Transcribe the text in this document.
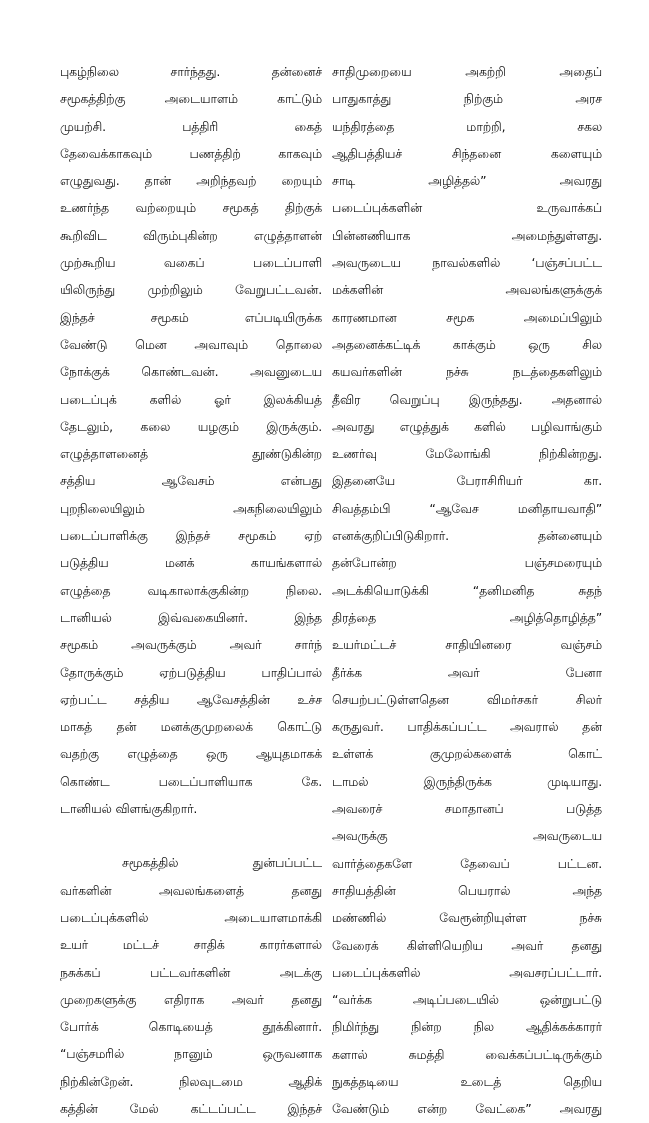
புகழ்நிலை சார்ந்தது. தன்னைச்
சமூகத்திற்கு அடையாளம் காட்டும்
முயற்சி. பத்திரி கைத்
தேவைக்காகவும் பணத்திற் காகவும்
எழுதுவது. தான் அறிந்தவற் றையும்
உணர்ந்த வற்றையும் சமூகத் திற்குக்
கூறிவிட விரும்புகின்ற எழுத்தாளன்
முற்கூறிய வகைப் படைப்பாளி
யிலிருந்து முற்றிலும் வேறுபட்டவன்.
இந்தச் சமூகம் எப்படியிருக்க
வேண்டு மென அவாவும் தொலை
நோக்குக் கொண்டவன். அவனுடைய
படைப்புக் களில் ஓர் இலக்கியத்
தேடலும், கலை யழகும் இருக்கும்.
எழுத்தாளனைத் தூண்டுகின்ற
சத்திய ஆவேசம் என்பது
புறநிலையிலும் அகநிலையிலும்
படைப்பாளிக்கு இந்தச் சமூகம் ஏற்
படுத்திய மனக் காயங்களால்
எழுத்தை வடிகாலாக்குகின்ற நிலை.
டானியல் இவ்வகையினர். இந்த
சமூகம் அவருக்கும் அவர் சார்ந்
தோருக்கும் ஏற்படுத்திய பாதிப்பால்
ஏற்பட்ட சத்திய ஆவேசத்தின் உச்ச
மாகத் தன் மனக்குமுறலைக் கொட்டு
வதற்கு எழுத்தை ஒரு ஆயுதமாகக்
கொண்ட படைப்பாளியாக கே.
டானியல் விளங்குகிறார்.
சமூகத்தில் துன்பப்பட்ட
வர்களின் அவலங்களைத் தனது
படைப்புக்களில் அடையாளமாக்கி
உயர் மட்டச் சாதிக் காரர்களால்
நசுக்கப் பட்டவர்களின் அடக்கு
முறைகளுக்கு எதிராக அவர் தனது
போர்க் கொடியைத் தூக்கினார்.
“பஞ்சமரில் நானும் ஒருவனாக
நிற்கின்றேன். நிலவுடமை ஆதிக்
கத்தின் மேல் கட்டப்பட்ட இந்தச்
சாதிமுறையை அகற்றி அதைப்
பாதுகாத்து நிற்கும் அரச
யந்திரத்தை மாற்றி, சகல
ஆதிபத்தியச் சிந்தனை களையும்
சாடி அழித்தல்” அவரது
படைப்புக்களின் உருவாக்கப்
பின்னணியாக அமைந்துள்ளது.
அவருடைய நாவல்களில் ‘பஞ்சப்பட்ட
மக்களின் அவலங்களுக்குக்
காரணமான சமூக அமைப்பிலும்
அதனைக்கட்டிக் காக்கும் ஒரு சில
கயவர்களின் நச்சு நடத்தைகளிலும்
தீவிர வெறுப்பு இருந்தது. அதனால்
அவரது எழுத்துக் களில் பழிவாங்கும்
உணர்வு மேலோங்கி நிற்கின்றது.
இதனையே பேராசிரியர் கா.
சிவத்தம்பி “ஆவேச மனிதாயவாதி”
எனக்குறிப்பிடுகிறார். தன்னையும்
தன்போன்ற பஞ்சமரையும்
அடக்கியொடுக்கி “தனிமனித சுதந்
திரத்தை அழித்தொழித்த”
உயர்மட்டச் சாதியினரை வஞ்சம்
தீர்க்க அவர் பேனா
செயற்பட்டுள்ளதென விமர்சகர் சிலர்
கருதுவர். பாதிக்கப்பட்ட அவரால் தன்
உள்ளக் குமுறல்களைக் கொட்
டாமல் இருந்திருக்க முடியாது.
அவரைச் சமாதானப் படுத்த
அவருக்கு அவருடைய
வார்த்தைகளே தேவைப் பட்டன.
சாதியத்தின் பெயரால் அந்த
மண்ணில் வேரூன்றியுள்ள நச்சு
வேரைக் கிள்ளியெறிய அவர் தனது
படைப்புக்களில் அவசரப்பட்டார்.
“வர்க்க அடிப்படையில் ஒன்றுபட்டு
நிமிர்ந்து நின்ற நில ஆதிக்கக்காரர்
களால் சுமத்தி வைக்கப்பட்டிருக்கும்
நுகத்தடியை உடைத் தெறிய
வேண்டும் என்ற வேட்கை” அவரது
